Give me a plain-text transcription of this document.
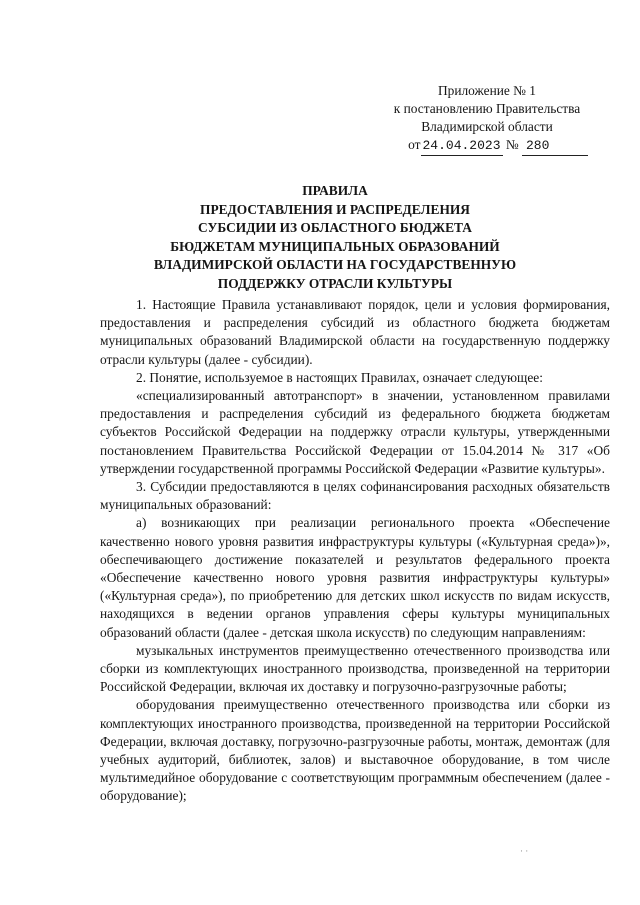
Приложение № 1
к постановлению Правительства
Владимирской области
от 24.04.2023 № 280
ПРАВИЛА
ПРЕДОСТАВЛЕНИЯ И РАСПРЕДЕЛЕНИЯ
СУБСИДИИ ИЗ ОБЛАСТНОГО БЮДЖЕТА
БЮДЖЕТАМ МУНИЦИПАЛЬНЫХ ОБРАЗОВАНИЙ
ВЛАДИМИРСКОЙ ОБЛАСТИ НА ГОСУДАРСТВЕННУЮ
ПОДДЕРЖКУ ОТРАСЛИ КУЛЬТУРЫ

1. Настоящие Правила устанавливают порядок, цели и условия формирования, предоставления и распределения субсидий из областного бюджета бюджетам муниципальных образований Владимирской области на государственную поддержку отрасли культуры (далее - субсидии).

2. Понятие, используемое в настоящих Правилах, означает следующее:

«специализированный автотранспорт» в значении, установленном правилами предоставления и распределения субсидий из федерального бюджета бюджетам субъектов Российской Федерации на поддержку отрасли культуры, утвержденными постановлением Правительства Российской Федерации от 15.04.2014 № 317 «Об утверждении государственной программы Российской Федерации «Развитие культуры».

3. Субсидии предоставляются в целях софинансирования расходных обязательств муниципальных образований:

а) возникающих при реализации регионального проекта «Обеспечение качественно нового уровня развития инфраструктуры культуры («Культурная среда»)», обеспечивающего достижение показателей и результатов федерального проекта «Обеспечение качественно нового уровня развития инфраструктуры культуры» («Культурная среда»), по приобретению для детских школ искусств по видам искусств, находящихся в ведении органов управления сферы культуры муниципальных образований области (далее - детская школа искусств) по следующим направлениям:

музыкальных инструментов преимущественно отечественного производства или сборки из комплектующих иностранного производства, произведенной на территории Российской Федерации, включая их доставку и погрузочно-разгрузочные работы;

оборудования преимущественно отечественного производства или сборки из комплектующих иностранного производства, произведенной на территории Российской Федерации, включая доставку, погрузочно-разгрузочные работы, монтаж, демонтаж (для учебных аудиторий, библиотек, залов) и выставочное оборудование, в том числе мультимедийное оборудование с соответствующим программным обеспечением (далее - оборудование);

· ·
